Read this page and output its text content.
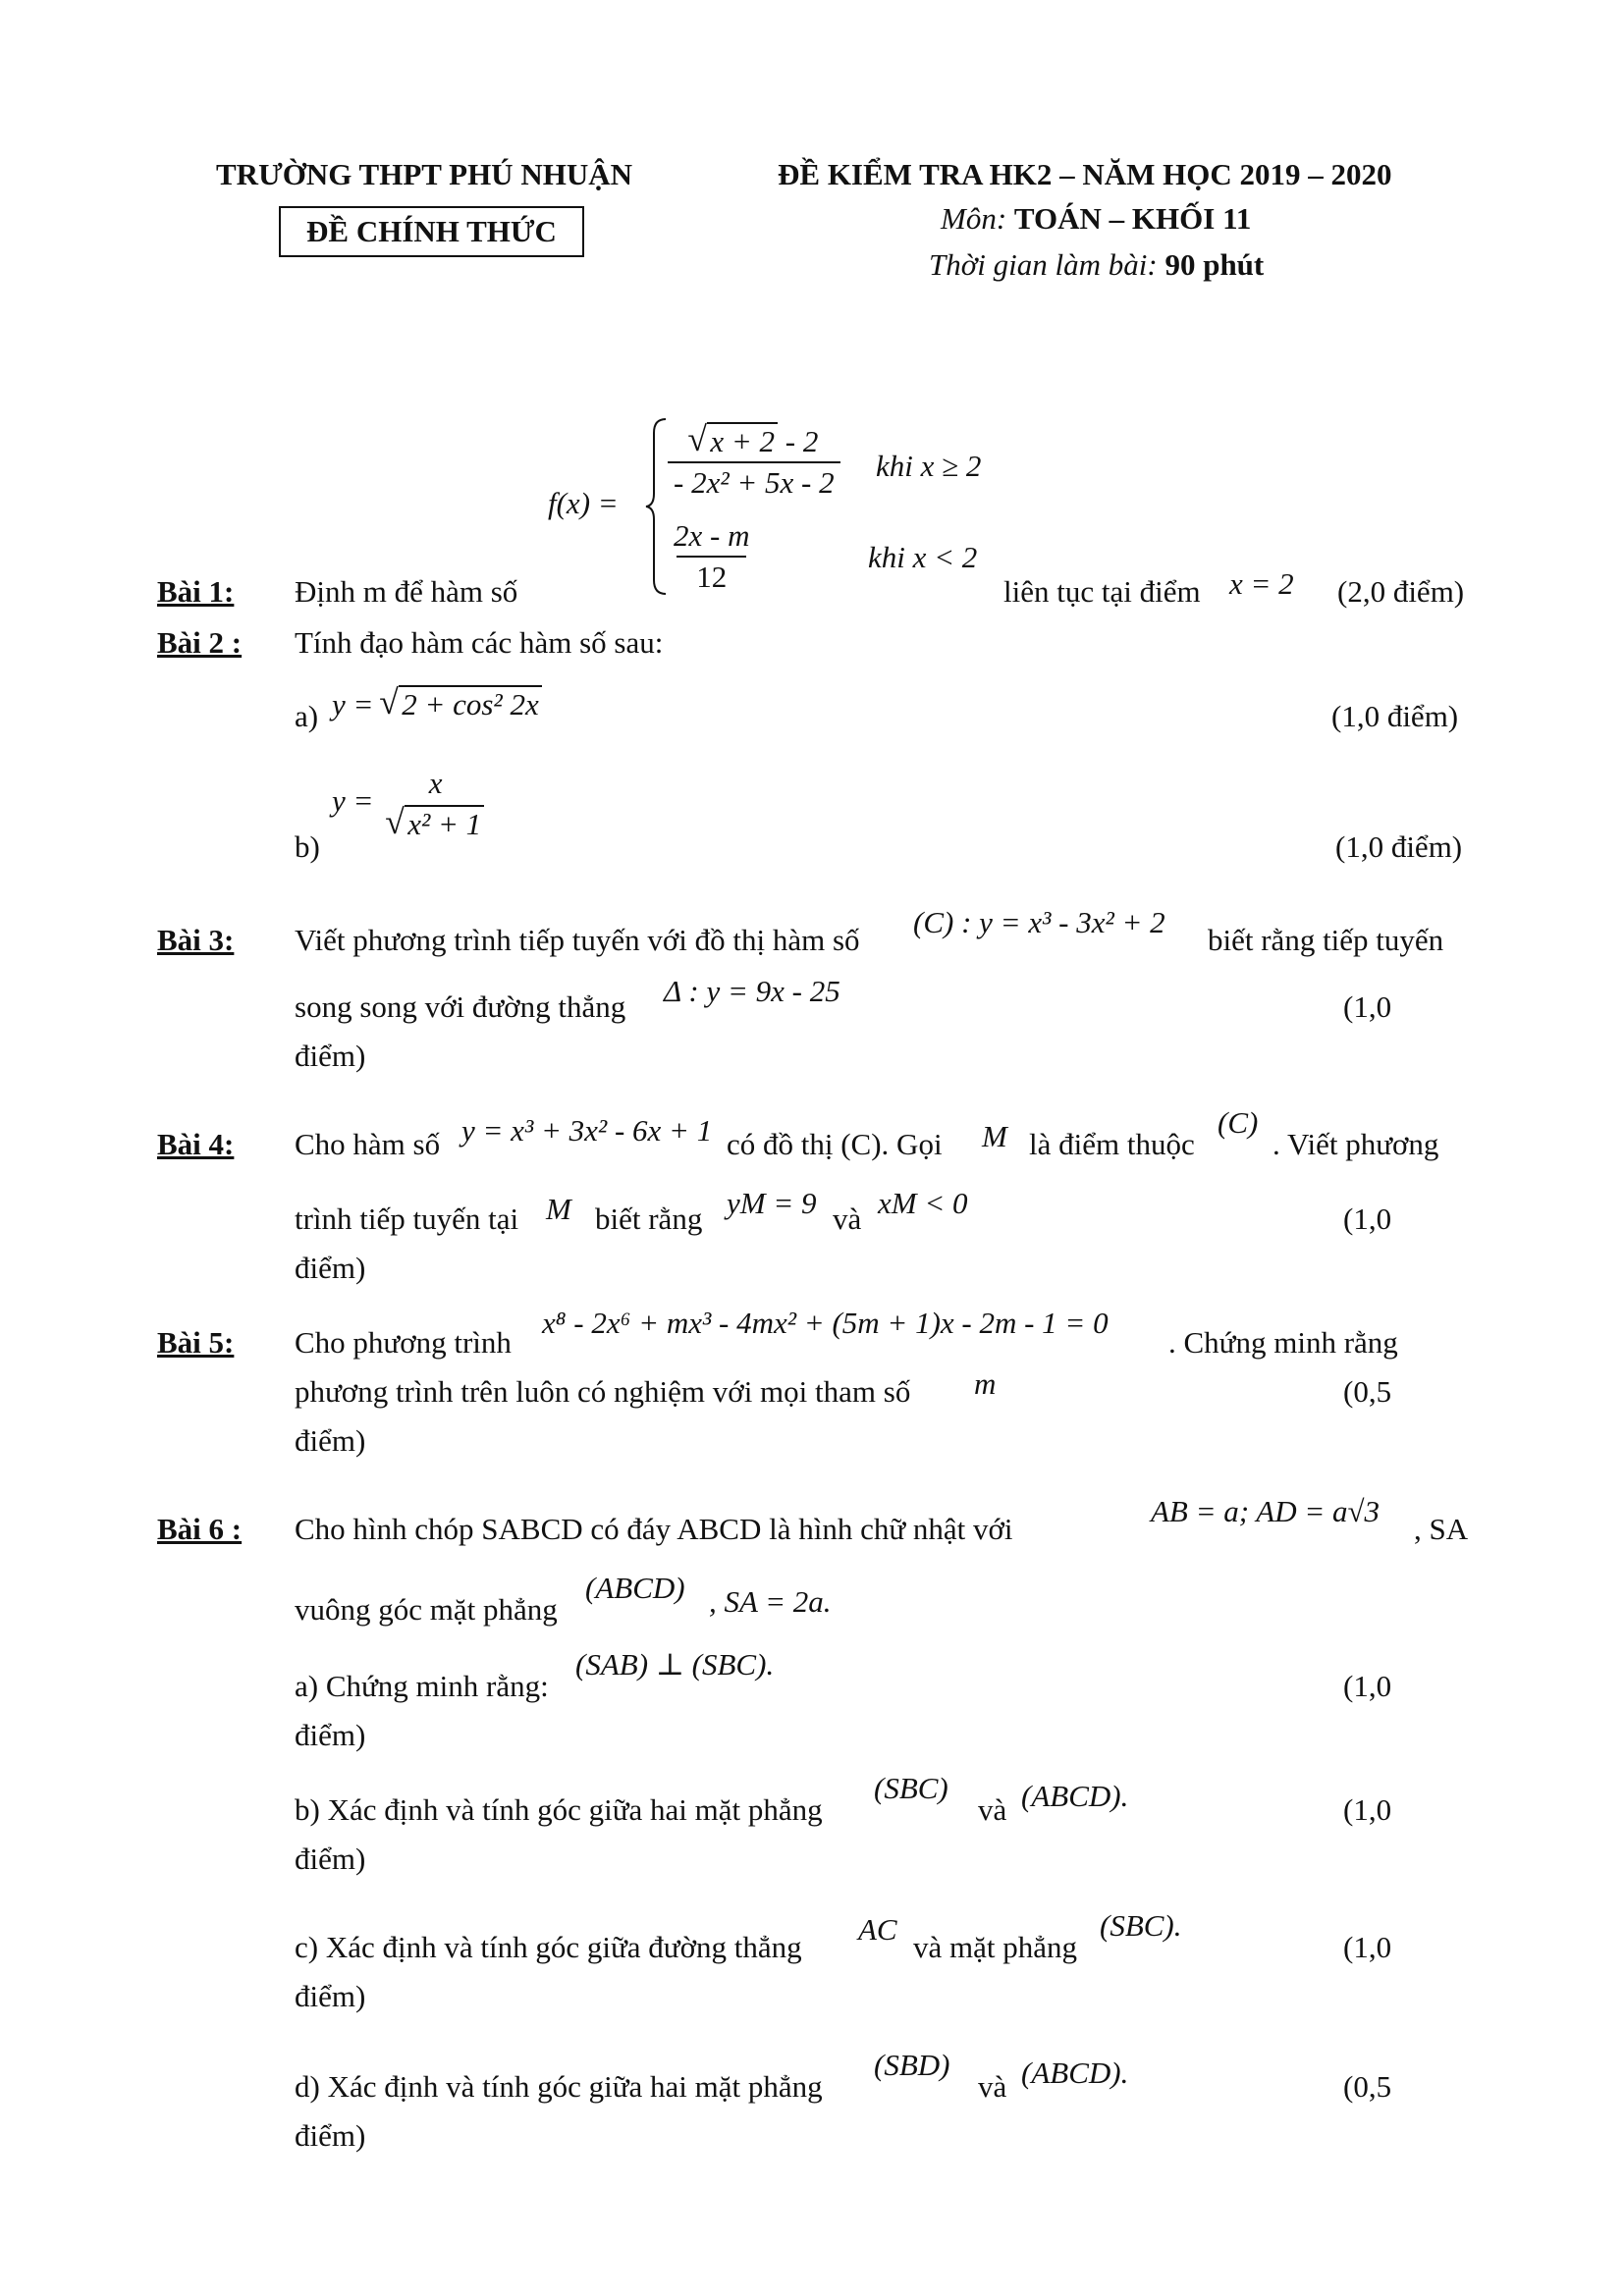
TRƯỜNG THPT PHÚ NHUẬN
ĐỀ CHÍNH THỨC
ĐỀ KIỂM TRA HK2 – NĂM HỌC 2019 – 2020
Môn: TOÁN – KHỐI 11
Thời gian làm bài: 90 phút
f(x) =
√ $\frac{x + 2 - 2}{\text{- 2x² + 5x - 2}}$ khi x ≥ 2
$\frac{2x - m}{12}$	khi x < 2
Bài 1: Định m để hàm số	liên tục tại điểm x = 2 (2,0 điểm)
Bài 2 : Tính đạo hàm các hàm số sau:
a) y = √ 2 + cos² 2x	(1,0 điểm)
b)
y =
x
√ x² + 1
(1,0 điểm)
Bài 3: Viết phương trình tiếp tuyến với đồ thị hàm số
(C) : y = x³ - 3x² + 2
biết rằng tiếp tuyến
song song với đường thẳng Δ : y = 9x - 25	(1,0
điểm)
Bài 4: Cho hàm số y = x³ + 3x² - 6x + 1 có đồ thị (C). Gọi M là điểm thuộc
(C)
. Viết phương
trình tiếp tuyến tại M biết rằng yM = 9 và xM < 0	(1,0
điểm)
Bài 5: Cho phương trình
x⁸ - 2x⁶ + mx³ - 4mx² + (5m + 1)x - 2m - 1 = 0
. Chứng minh rằng
phương trình trên luôn có nghiệm với mọi tham số m	(0,5
điểm)
Bài 6 : Cho hình chóp SABCD có đáy ABCD là hình chữ nhật với
AB = a; AD = a√3
, SA
vuông góc mặt phẳng
(ABCD) , SA = 2a.
a) Chứng minh rằng:
(SAB) ⊥ (SBC).
(1,0
điểm)
b) Xác định và tính góc giữa hai mặt phẳng
(SBC)
và (ABCD).	(1,0
điểm)
c) Xác định và tính góc giữa đường thẳng
AC
và mặt phẳng
(SBC).
(1,0
điểm)
d) Xác định và tính góc giữa hai mặt phẳng
(SBD)
và (ABCD).	(0,5
điểm)
